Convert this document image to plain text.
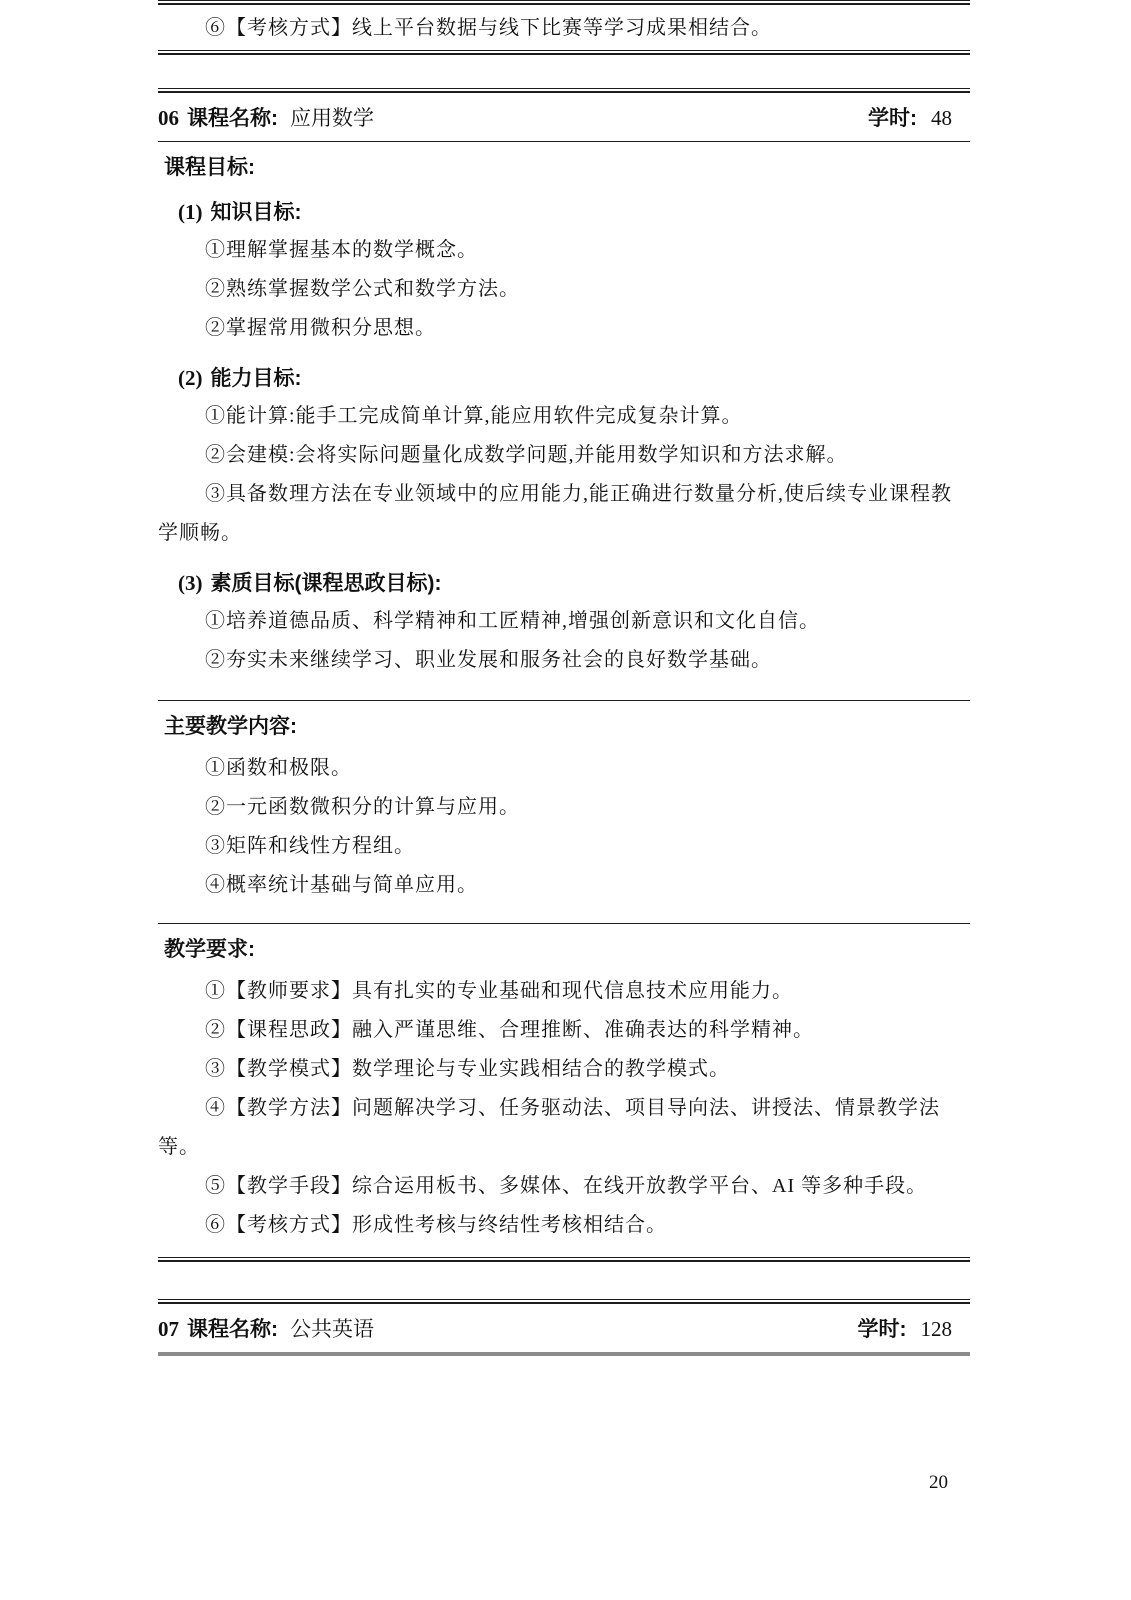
⑥【考核方式】线上平台数据与线下比赛等学习成果相结合。

06 课程名称: 应用数学	学时: 48
课程目标:
(1) 知识目标:

①理解掌握基本的数学概念。

②熟练掌握数学公式和数学方法。

②掌握常用微积分思想。

(2) 能力目标:

①能计算:能手工完成简单计算,能应用软件完成复杂计算。

②会建模:会将实际问题量化成数学问题,并能用数学知识和方法求解。

③具备数理方法在专业领域中的应用能力,能正确进行数量分析,使后续专业课程教学顺畅。

(3) 素质目标(课程思政目标):

①培养道德品质、科学精神和工匠精神,增强创新意识和文化自信。

②夯实未来继续学习、职业发展和服务社会的良好数学基础。

主要教学内容:

①函数和极限。

②一元函数微积分的计算与应用。

③矩阵和线性方程组。

④概率统计基础与简单应用。

教学要求:

①【教师要求】具有扎实的专业基础和现代信息技术应用能力。

②【课程思政】融入严谨思维、合理推断、准确表达的科学精神。

③【教学模式】数学理论与专业实践相结合的教学模式。

④【教学方法】问题解决学习、任务驱动法、项目导向法、讲授法、情景教学法等。

⑤【教学手段】综合运用板书、多媒体、在线开放教学平台、AI 等多种手段。

⑥【考核方式】形成性考核与终结性考核相结合。

07 课程名称: 公共英语	学时: 128
20
